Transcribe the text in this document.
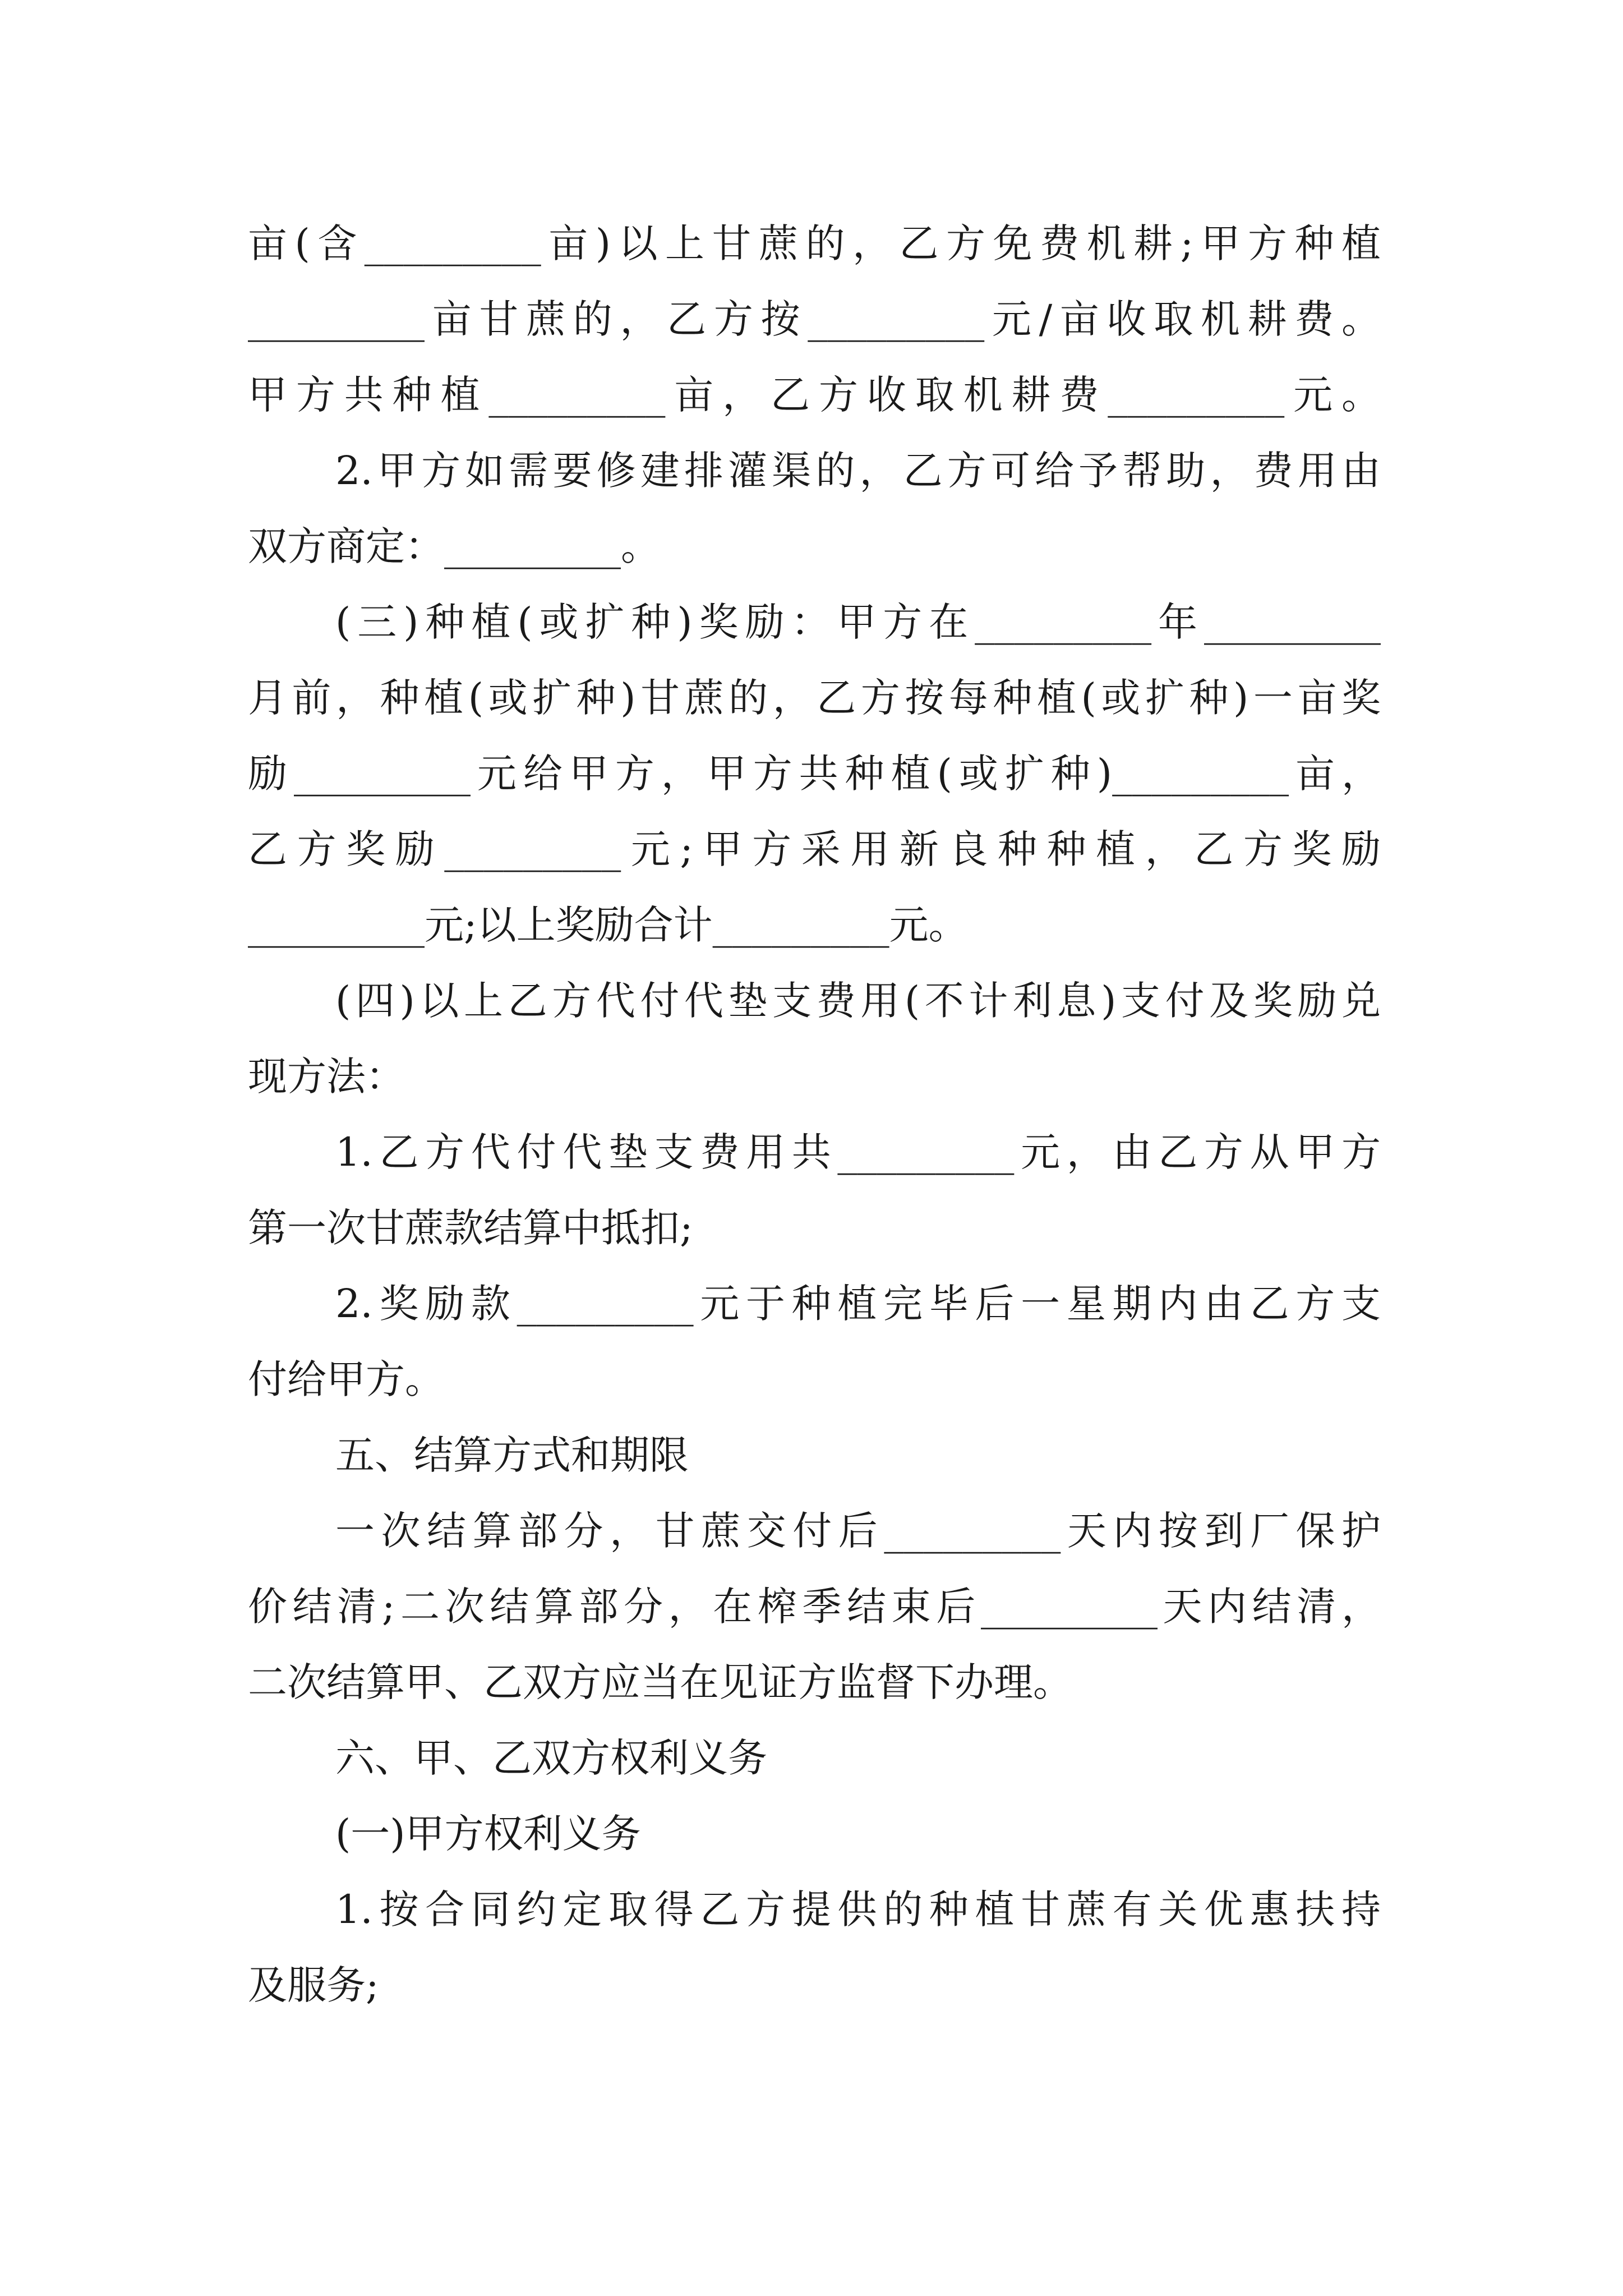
亩(含_________亩)以上甘蔗的，乙方免费机耕;甲方种植
_________亩甘蔗的，乙方按_________元/亩收取机耕费。
甲方共种植_________亩，乙方收取机耕费_________元。
2.甲方如需要修建排灌渠的，乙方可给予帮助，费用由
双方商定：_________。
(三)种植(或扩种)奖励：甲方在_________年_________
月前，种植(或扩种)甘蔗的，乙方按每种植(或扩种)一亩奖
励_________元给甲方，甲方共种植(或扩种)_________亩，
乙方奖励_________元;甲方采用新良种种植，乙方奖励
_________元;以上奖励合计_________元。
(四)以上乙方代付代垫支费用(不计利息)支付及奖励兑
现方法：
1.乙方代付代垫支费用共_________元，由乙方从甲方
第一次甘蔗款结算中抵扣;
2.奖励款_________元于种植完毕后一星期内由乙方支
付给甲方。
五、结算方式和期限
一次结算部分，甘蔗交付后_________天内按到厂保护
价结清;二次结算部分，在榨季结束后_________天内结清，
二次结算甲、乙双方应当在见证方监督下办理。
六、甲、乙双方权利义务
(一)甲方权利义务
1.按合同约定取得乙方提供的种植甘蔗有关优惠扶持
及服务;
